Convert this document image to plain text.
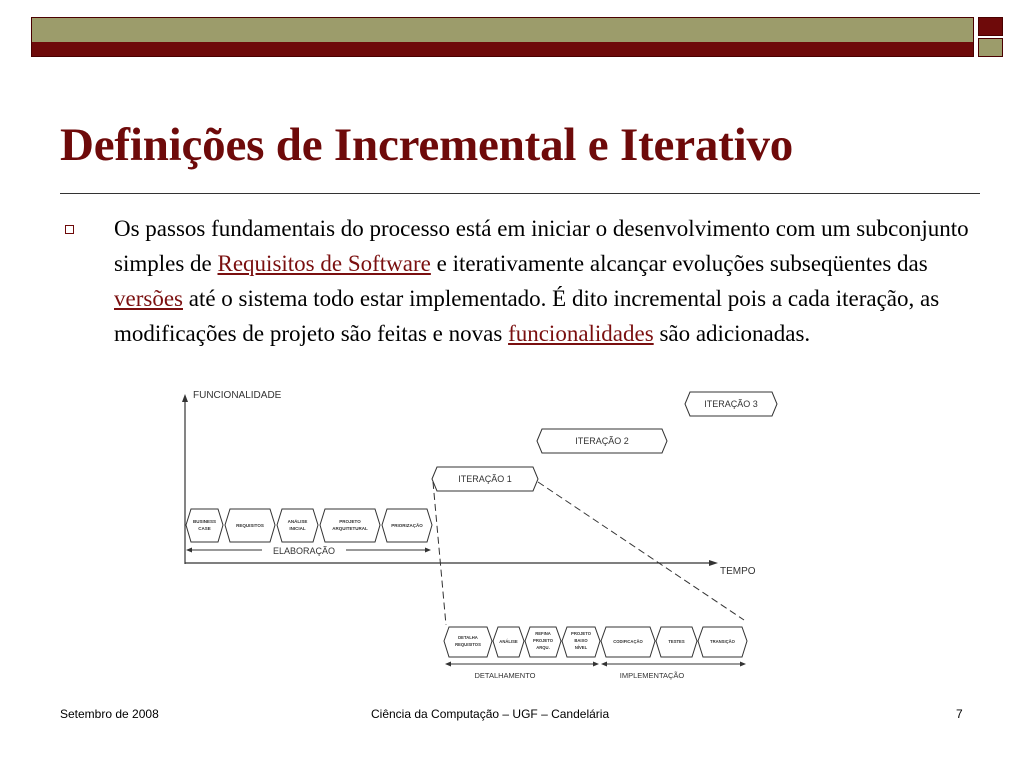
Definições de Incremental e Iterativo
Os passos fundamentais do processo está em iniciar o desenvolvimento com um subconjunto simples de Requisitos de Software e iterativamente alcançar evoluções subseqüentes das versões até o sistema todo estar implementado. É dito incremental pois a cada iteração, as modificações de projeto são feitas e novas funcionalidades são adicionadas.
FUNCIONALIDADE
TEMPO
BUSINESS
CASE
REQUISITOS
ANÁLISE
INICIAL
PROJETO
ARQUITETURAL
PRIORIZAÇÃO
ELABORAÇÃO
ITERAÇÃO 1
ITERAÇÃO 2
ITERAÇÃO 3
DETALHA
REQUISITOS
ANÁLISE
REFINA
PROJETO
ARQU.
PROJETO
BAIXO
NÍVEL
CODIFICAÇÃO	TESTES	TRANSIÇÃO
DETALHAMENTO	IMPLEMENTAÇÃO
Setembro de 2008	Ciência da Computação – UGF – Candelária	7
